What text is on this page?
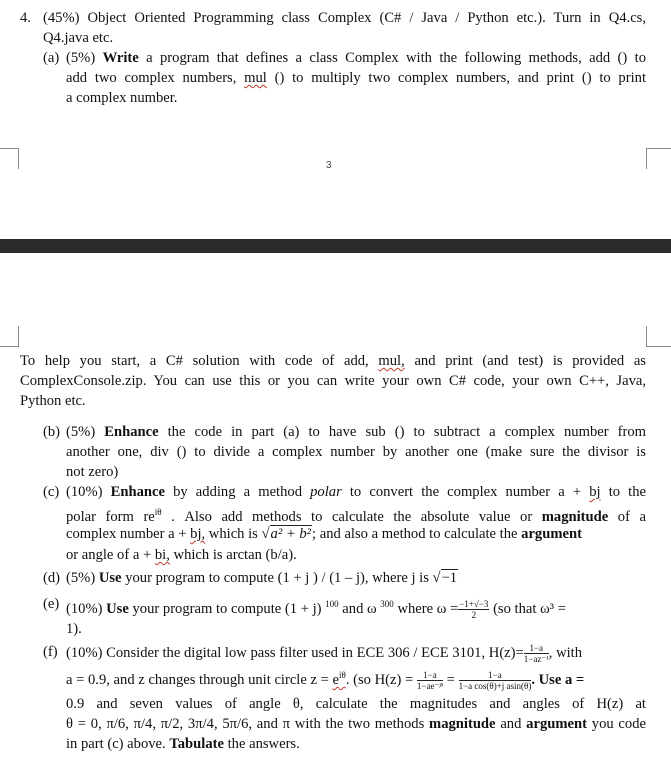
4. (45%) Object Oriented Programming class Complex (C# / Java / Python etc.). Turn in Q4.cs,
Q4.java etc.
(a) (5%) Write a program that defines a class Complex with the following methods, add () to
add two complex numbers, mul () to multiply two complex numbers, and print () to print
a complex number.
3
To help you start, a C# solution with code of add, mul, and print (and test) is provided as
ComplexConsole.zip. You can use this or you can write your own C# code, your own C++, Java,
Python etc.
(b) (5%) Enhance the code in part (a) to have sub () to subtract a complex number from
another one, div () to divide a complex number by another one (make sure the divisor is
not zero)
(c) (10%) Enhance by adding a method polar to convert the complex number a + bj to the
polar form $re^{i\theta}$ . Also add methods to calculate the absolute value or magnitude of a
complex number a + bj, which is √a² + b²; and also a method to calculate the argument
or angle of a + bi, which is arctan (b/a).
(d) (5%) Use your program to compute (1 + j ) / (1 – j), where j is √−1
(e) (10%) Use your program to compute (1 + j) $^{100}$ and ω $^{300}$ where $\omega = \frac{-1+√-3}{2} (so$ that ω³ =
1).
(f) (10%) Consider the digital low pass filter used in ECE 306 / ECE 3101, $H(z)= \frac{1-a}{\text{1−az⁻¹}}$ , with
a = 0.9, and z changes through unit circle $z = e^{i\theta}$. (so $H(z) = \frac{1-a}{\text{1−ae⁻ʲᶿ}} = \frac{1-a}{\text{1−a cos(θ)+j asin(θ)}}$ . Use a =
0.9 and seven values of angle θ, calculate the magnitudes and angles of H(z) at
θ = 0, π/6, π/4, π/2, 3π/4, 5π/6, and π with the two methods magnitude and argument you code
in part (c) above. Tabulate the answers.
